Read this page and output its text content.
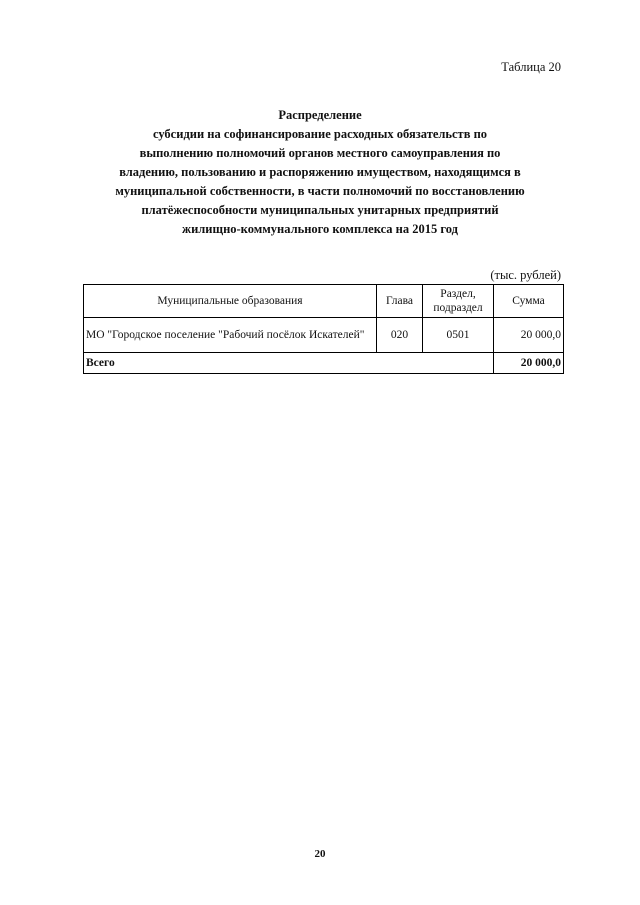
Таблица 20
Распределение
субсидии на софинансирование расходных обязательств по
выполнению полномочий органов местного самоуправления по
владению, пользованию и распоряжению имуществом, находящимся в
муниципальной собственности, в части полномочий по восстановлению
платёжеспособности муниципальных унитарных предприятий
жилищно-коммунального комплекса на 2015 год
(тыс. рублей)
Муниципальные образования	Глава	Раздел, подраздел	Сумма
МО "Городское поселение "Рабочий посёлок Искателей"	020	0501	20 000,0
Всего			20 000,0
20
